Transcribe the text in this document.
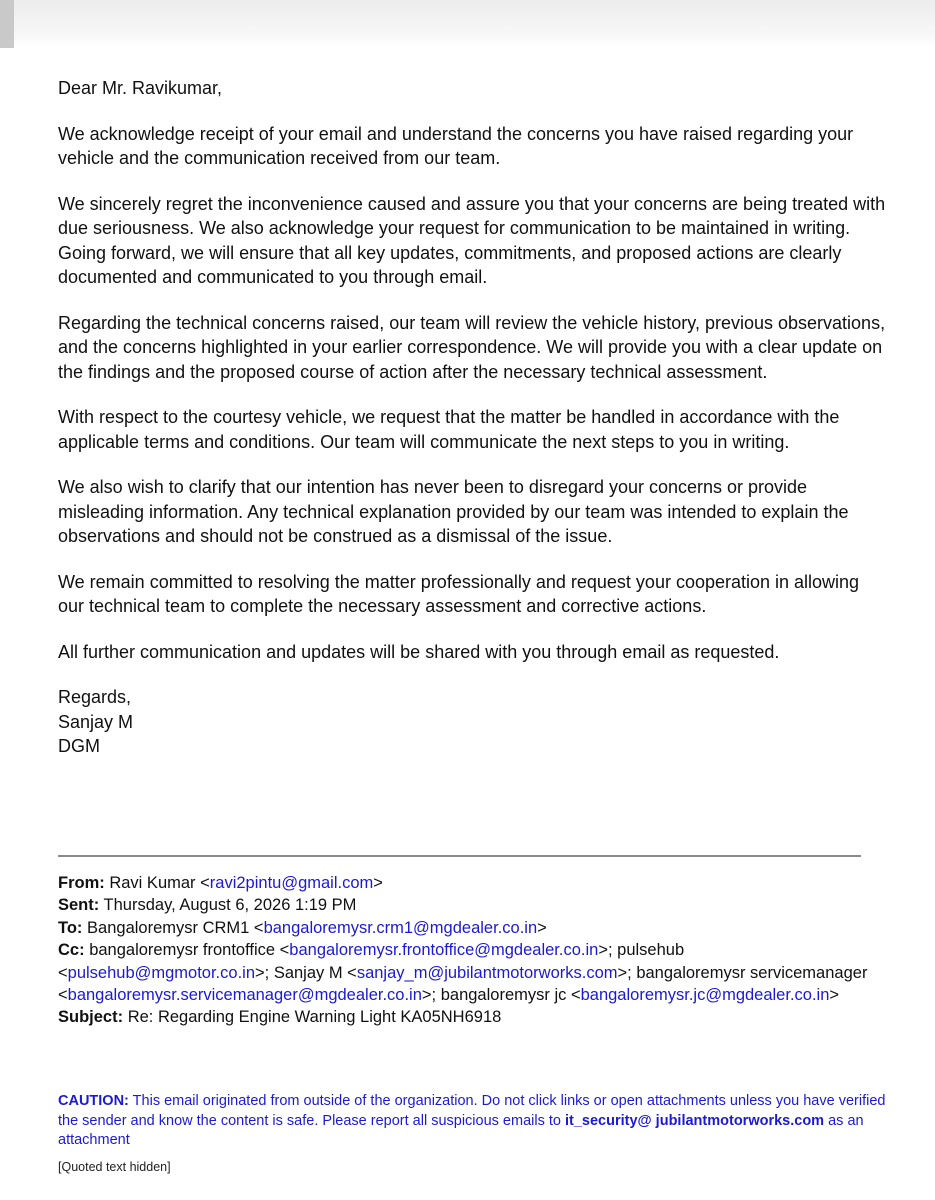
Dear Mr. Ravikumar,

We acknowledge receipt of your email and understand the concerns you have raised regarding your vehicle and the communication received from our team.

We sincerely regret the inconvenience caused and assure you that your concerns are being treated with due seriousness. We also acknowledge your request for communication to be maintained in writing. Going forward, we will ensure that all key updates, commitments, and proposed actions are clearly documented and communicated to you through email.

Regarding the technical concerns raised, our team will review the vehicle history, previous observations, and the concerns highlighted in your earlier correspondence. We will provide you with a clear update on the findings and the proposed course of action after the necessary technical assessment.

With respect to the courtesy vehicle, we request that the matter be handled in accordance with the applicable terms and conditions. Our team will communicate the next steps to you in writing.

We also wish to clarify that our intention has never been to disregard your concerns or provide misleading information. Any technical explanation provided by our team was intended to explain the observations and should not be construed as a dismissal of the issue.

We remain committed to resolving the matter professionally and request your cooperation in allowing our technical team to complete the necessary assessment and corrective actions.

All further communication and updates will be shared with you through email as requested.

Regards,
Sanjay M
DGM
From: Ravi Kumar <ravi2pintu@gmail.com>
Sent: Thursday, August 6, 2026 1:19 PM
To: Bangaloremysr CRM1 <bangaloremysr.crm1@mgdealer.co.in>
Cc: bangaloremysr frontoffice <bangaloremysr.frontoffice@mgdealer.co.in>; pulsehub <pulsehub@mgmotor.co.in>; Sanjay M <sanjay_m@jubilantmotorworks.com>; bangaloremysr servicemanager <bangaloremysr.servicemanager@mgdealer.co.in>; bangaloremysr jc <bangaloremysr.jc@mgdealer.co.in>
Subject: Re: Regarding Engine Warning Light KA05NH6918
CAUTION: This email originated from outside of the organization. Do not click links or open attachments unless you have verified the sender and know the content is safe. Please report all suspicious emails to it_security@ jubilantmotorworks.com as an attachment
[Quoted text hidden]
